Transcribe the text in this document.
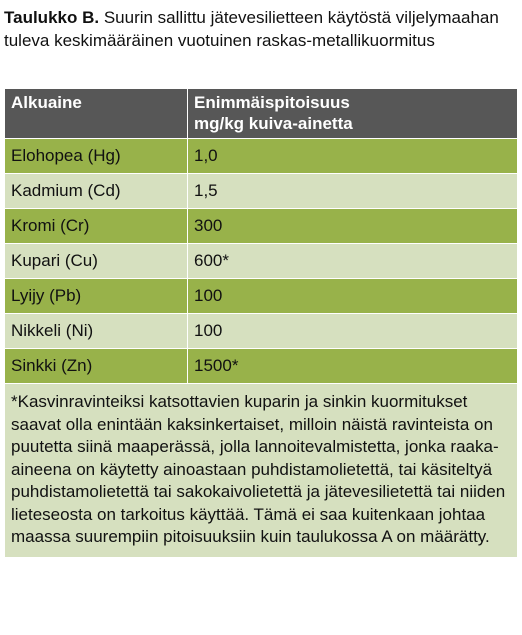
Taulukko B. Suurin sallittu jätevesilietteen käytöstä viljelymaahan tuleva keskimääräinen vuotuinen raskas-metallikuormitus
Alkuaine	Enimmäispitoisuus
mg/kg kuiva-ainetta
Elohopea (Hg)	1,0
Kadmium (Cd)	1,5
Kromi (Cr)	300
Kupari (Cu)	600*
Lyijy (Pb)	100
Nikkeli (Ni)	100
Sinkki (Zn)	1500*
*Kasvinravinteiksi katsottavien kuparin ja sinkin kuormitukset saavat olla enintään kaksinkertaiset, milloin näistä ravinteista on puutetta siinä maaperässä, jolla lannoitevalmistetta, jonka raaka-aineena on käytetty ainoastaan puhdistamolietettä, tai käsiteltyä puhdistamolietettä tai sakokaivolietettä ja jätevesilietettä tai niiden lieteseosta on tarkoitus käyttää. Tämä ei saa kuitenkaan johtaa maassa suurempiin pitoisuuksiin kuin taulukossa A on määrätty.
